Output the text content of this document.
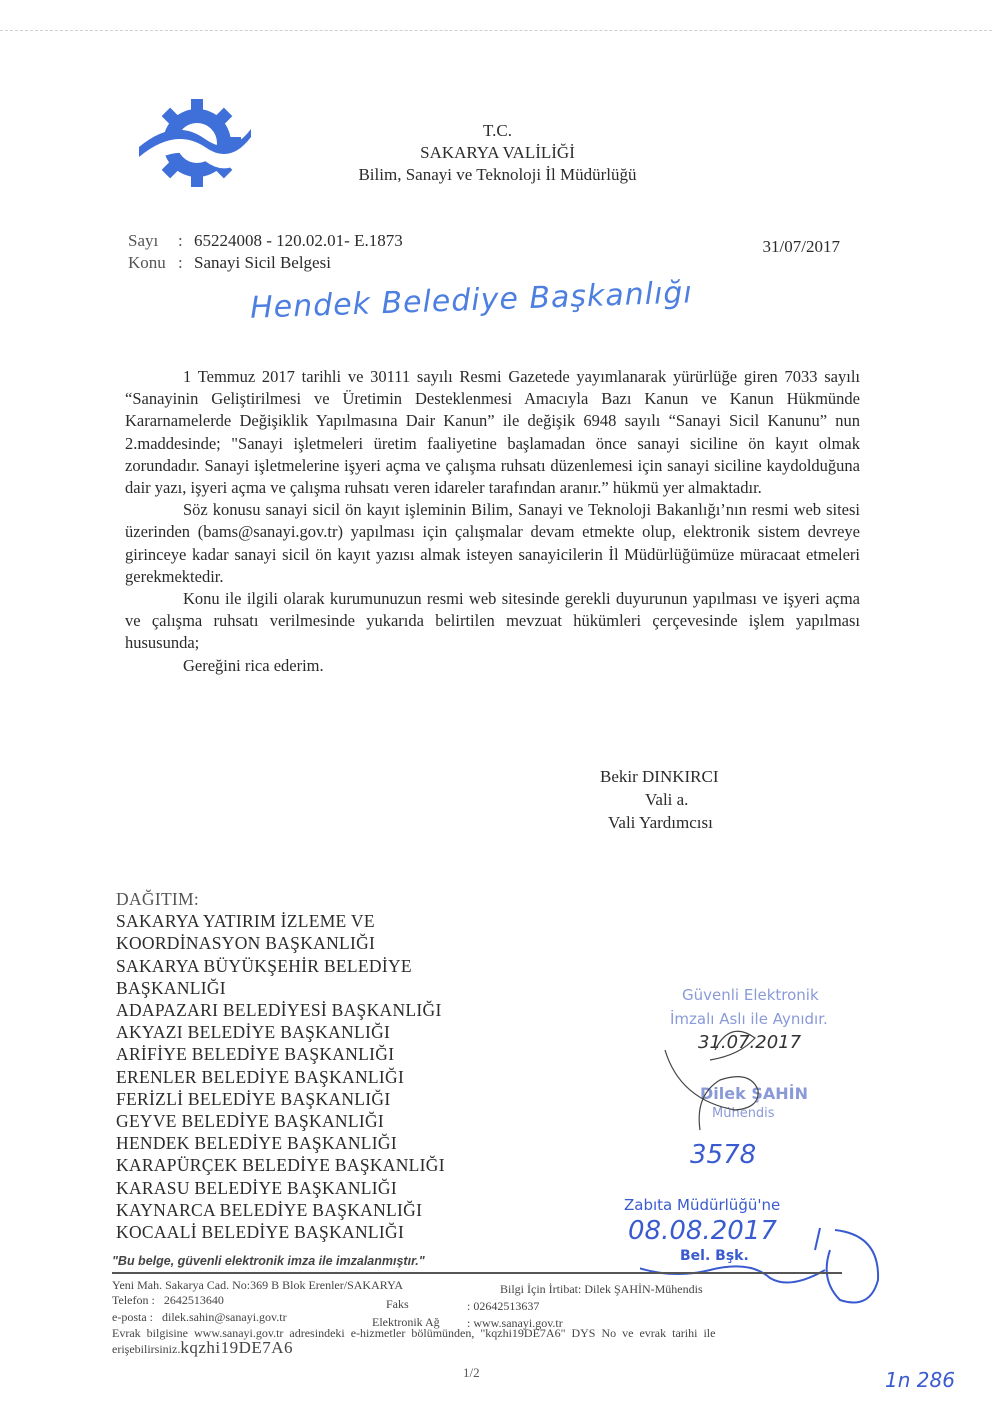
T.C.
SAKARYA VALİLİĞİ
Bilim, Sanayi ve Teknoloji İl Müdürlüğü
Sayı : 65224008 - 120.02.01- E.1873
Konu : Sanayi Sicil Belgesi
31/07/2017
Hendek Belediye Başkanlığı

1 Temmuz 2017 tarihli ve 30111 sayılı Resmi Gazetede yayımlanarak yürürlüğe giren 7033 sayılı “Sanayinin Geliştirilmesi ve Üretimin Desteklenmesi Amacıyla Bazı Kanun ve Kanun Hükmünde Kararnamelerde Değişiklik Yapılmasına Dair Kanun” ile değişik 6948 sayılı “Sanayi Sicil Kanunu” nun 2.maddesinde; "Sanayi işletmeleri üretim faaliyetine başlamadan önce sanayi siciline ön kayıt olmak zorundadır. Sanayi işletmelerine işyeri açma ve çalışma ruhsatı düzenlemesi için sanayi siciline kaydolduğuna dair yazı, işyeri açma ve çalışma ruhsatı veren idareler tarafından aranır.” hükmü yer almaktadır.

Söz konusu sanayi sicil ön kayıt işleminin Bilim, Sanayi ve Teknoloji Bakanlığı’nın resmi web sitesi üzerinden (bams@sanayi.gov.tr) yapılması için çalışmalar devam etmekte olup, elektronik sistem devreye girinceye kadar sanayi sicil ön kayıt yazısı almak isteyen sanayicilerin İl Müdürlüğümüze müracaat etmeleri gerekmektedir.

Konu ile ilgili olarak kurumunuzun resmi web sitesinde gerekli duyurunun yapılması ve işyeri açma ve çalışma ruhsatı verilmesinde yukarıda belirtilen mevzuat hükümleri çerçevesinde işlem yapılması hususunda;

Gereğini rica ederim.

Bekir DINKIRCI
Vali a.
Vali Yardımcısı
DAĞITIM:
SAKARYA YATIRIM İZLEME VE
KOORDİNASYON BAŞKANLIĞI
SAKARYA BÜYÜKŞEHİR BELEDİYE
BAŞKANLIĞI
ADAPAZARI BELEDİYESİ BAŞKANLIĞI
AKYAZI BELEDİYE BAŞKANLIĞI
ARİFİYE BELEDİYE BAŞKANLIĞI
ERENLER BELEDİYE BAŞKANLIĞI
FERİZLİ BELEDİYE BAŞKANLIĞI
GEYVE BELEDİYE BAŞKANLIĞI
HENDEK BELEDİYE BAŞKANLIĞI
KARAPÜRÇEK BELEDİYE BAŞKANLIĞI
KARASU BELEDİYE BAŞKANLIĞI
KAYNARCA BELEDİYE BAŞKANLIĞI
KOCAALİ BELEDİYE BAŞKANLIĞI
Güvenli Elektronik
İmzalı Aslı ile Aynıdır.
31.07.2017
Dilek ŞAHİN
Mühendis
3578
Zabıta Müdürlüğü'ne
08.08.2017
Bel. Bşk.
"Bu belge, güvenli elektronik imza ile imzalanmıştır."
Yeni Mah. Sakarya Cad. No:369 B Blok Erenler/SAKARYA	Bilgi İçin İrtibat: Dilek ŞAHİN-Mühendis
Telefon : 2642513640	Faks	: 02642513637
e-posta : dilek.sahin@sanayi.gov.tr	Elektronik Ağ : www.sanayi.gov.tr
Evrak bilgisine www.sanayi.gov.tr adresindeki e-hizmetler bölümünden, "kqzhi19DE7A6" DYS No ve evrak tarihi ile
erişebilirsiniz.kqzhi19DE7A6
1/2	1n 286
